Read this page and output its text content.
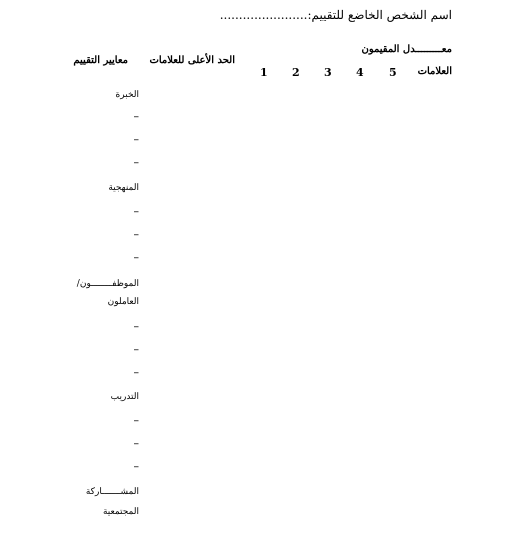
اسم الشخص الخاضع للتقييم:.......................
معـــــــــدل المقيمون
معايير التقييم الحد الأعلى للعلامات
العلامات
5
4
3
2
1
الخبرة
–
–
–
المنهجية
–
–
–
الموظفــــــــون/
العاملون
–
–
–
التدريب
–
–
–
المشـــــــاركة
المجتمعية
